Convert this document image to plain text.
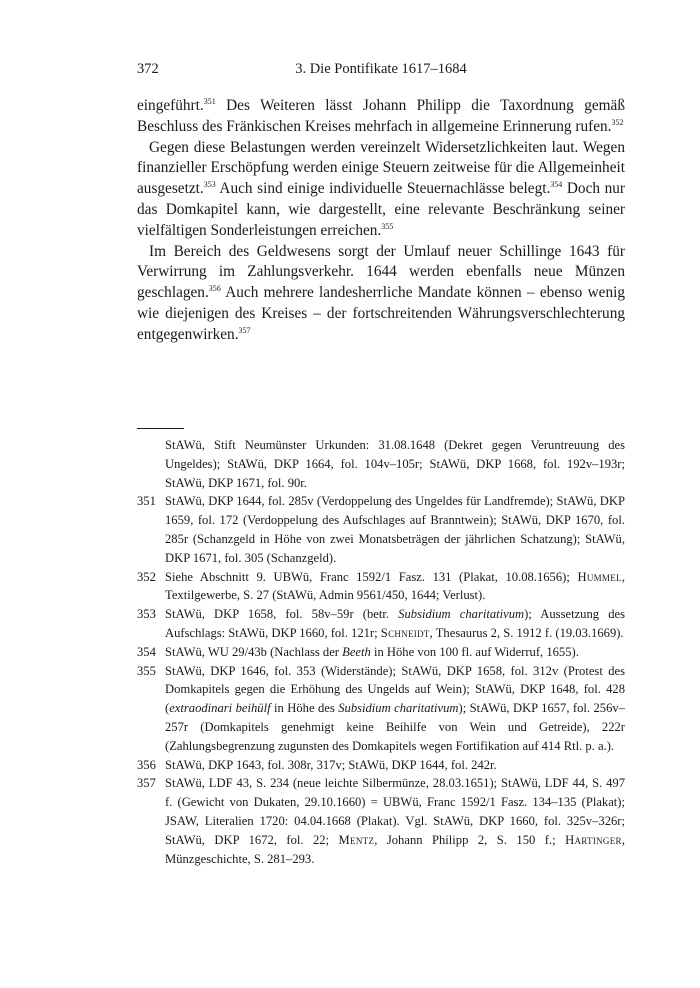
372	3. Die Pontifikate 1617–1684

eingeführt.$^{351}$ Des Weiteren lässt Johann Philipp die Taxordnung gemäß Beschluss des Fränkischen Kreises mehrfach in allgemeine Erinnerung rufen.$^{352}$

Gegen diese Belastungen werden vereinzelt Widersetzlichkeiten laut. Wegen finanzieller Erschöpfung werden einige Steuern zeitweise für die Allgemeinheit ausgesetzt.$^{353}$ Auch sind einige individuelle Steuernachlässe belegt.$^{354}$ Doch nur das Domkapitel kann, wie dargestellt, eine relevante Beschränkung seiner vielfältigen Sonderleistungen erreichen.$^{355}$

Im Bereich des Geldwesens sorgt der Umlauf neuer Schillinge 1643 für Verwirrung im Zahlungsverkehr. 1644 werden ebenfalls neue Münzen geschlagen.$^{356}$ Auch mehrere landesherrliche Mandate können – ebenso wenig wie diejenigen des Kreises – der fortschreitenden Währungsverschlechterung entgegenwirken.$^{357}$

StAWü, Stift Neumünster Urkunden: 31.08.1648 (Dekret gegen Veruntreuung des Ungeldes); StAWü, DKP 1664, fol. 104v–105r; StAWü, DKP 1668, fol. 192v–193r; StAWü, DKP 1671, fol. 90r.
351 StAWü, DKP 1644, fol. 285v (Verdoppelung des Ungeldes für Landfremde); StAWü, DKP 1659, fol. 172 (Verdoppelung des Aufschlages auf Branntwein); StAWü, DKP 1670, fol. 285r (Schanzgeld in Höhe von zwei Monatsbeträgen der jährlichen Schatzung); StAWü, DKP 1671, fol. 305 (Schanzgeld).
352 Siehe Abschnitt 9. UBWü, Franc 1592/1 Fasz. 131 (Plakat, 10.08.1656); Hummel, Textilgewerbe, S. 27 (StAWü, Admin 9561/450, 1644; Verlust).
353 StAWü, DKP 1658, fol. 58v–59r (betr. Subsidium charitativum); Aussetzung des Aufschlags: StAWü, DKP 1660, fol. 121r; Schneidt, Thesaurus 2, S. 1912 f. (19.03.1669).
354 StAWü, WU 29/43b (Nachlass der Beeth in Höhe von 100 fl. auf Widerruf, 1655).
355 StAWü, DKP 1646, fol. 353 (Widerstände); StAWü, DKP 1658, fol. 312v (Protest des Domkapitels gegen die Erhöhung des Ungelds auf Wein); StAWü, DKP 1648, fol. 428 (extraodinari beihülf in Höhe des Subsidium charitativum); StAWü, DKP 1657, fol. 256v–257r (Domkapitels genehmigt keine Beihilfe von Wein und Getreide), 222r (Zahlungsbegrenzung zugunsten des Domkapitels wegen Fortifikation auf 414 Rtl. p. a.).
356 StAWü, DKP 1643, fol. 308r, 317v; StAWü, DKP 1644, fol. 242r.
357 StAWü, LDF 43, S. 234 (neue leichte Silbermünze, 28.03.1651); StAWü, LDF 44, S. 497 f. (Gewicht von Dukaten, 29.10.1660) = UBWü, Franc 1592/1 Fasz. 134–135 (Plakat); JSAW, Literalien 1720: 04.04.1668 (Plakat). Vgl. StAWü, DKP 1660, fol. 325v–326r; StAWü, DKP 1672, fol. 22; Mentz, Johann Philipp 2, S. 150 f.; Hartinger, Münzgeschichte, S. 281–293.
